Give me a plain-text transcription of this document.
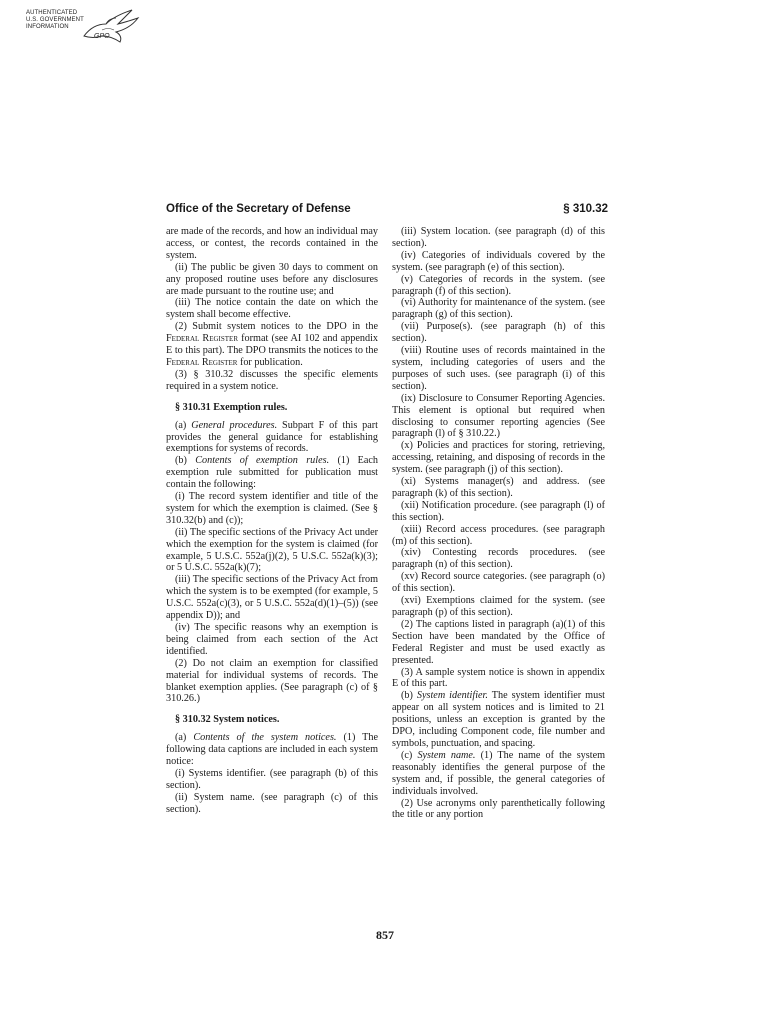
AUTHENTICATED
U.S. GOVERNMENT
INFORMATION
GPO
Office of the Secretary of Defense	§ 310.32

are made of the records, and how an individual may access, or contest, the records contained in the system.

(ii) The public be given 30 days to comment on any proposed routine uses before any disclosures are made pursuant to the routine use; and

(iii) The notice contain the date on which the system shall become effective.

(2) Submit system notices to the DPO in the Federal Register format (see AI 102 and appendix E to this part). The DPO transmits the notices to the Federal Register for publication.

(3) § 310.32 discusses the specific elements required in a system notice.

§ 310.31 Exemption rules.

(a) General procedures. Subpart F of this part provides the general guidance for establishing exemptions for systems of records.

(b) Contents of exemption rules. (1) Each exemption rule submitted for publication must contain the following:

(i) The record system identifier and title of the system for which the exemption is claimed. (See § 310.32(b) and (c));

(ii) The specific sections of the Privacy Act under which the exemption for the system is claimed (for example, 5 U.S.C. 552a(j)(2), 5 U.S.C. 552a(k)(3); or 5 U.S.C. 552a(k)(7);

(iii) The specific sections of the Privacy Act from which the system is to be exempted (for example, 5 U.S.C. 552a(c)(3), or 5 U.S.C. 552a(d)(1)–(5)) (see appendix D)); and

(iv) The specific reasons why an exemption is being claimed from each section of the Act identified.

(2) Do not claim an exemption for classified material for individual systems of records. The blanket exemption applies. (See paragraph (c) of § 310.26.)

§ 310.32 System notices.

(a) Contents of the system notices. (1) The following data captions are included in each system notice:

(i) Systems identifier. (see paragraph (b) of this section).

(ii) System name. (see paragraph (c) of this section).

(iii) System location. (see paragraph (d) of this section).

(iv) Categories of individuals covered by the system. (see paragraph (e) of this section).

(v) Categories of records in the system. (see paragraph (f) of this section).

(vi) Authority for maintenance of the system. (see paragraph (g) of this section).

(vii) Purpose(s). (see paragraph (h) of this section).

(viii) Routine uses of records maintained in the system, including categories of users and the purposes of such uses. (see paragraph (i) of this section).

(ix) Disclosure to Consumer Reporting Agencies. This element is optional but required when disclosing to consumer reporting agencies (See paragraph (l) of § 310.22.)

(x) Policies and practices for storing, retrieving, accessing, retaining, and disposing of records in the system. (see paragraph (j) of this section).

(xi) Systems manager(s) and address. (see paragraph (k) of this section).

(xii) Notification procedure. (see paragraph (l) of this section).

(xiii) Record access procedures. (see paragraph (m) of this section).

(xiv) Contesting records procedures. (see paragraph (n) of this section).

(xv) Record source categories. (see paragraph (o) of this section).

(xvi) Exemptions claimed for the system. (see paragraph (p) of this section).

(2) The captions listed in paragraph (a)(1) of this Section have been mandated by the Office of Federal Register and must be used exactly as presented.

(3) A sample system notice is shown in appendix E of this part.

(b) System identifier. The system identifier must appear on all system notices and is limited to 21 positions, unless an exception is granted by the DPO, including Component code, file number and symbols, punctuation, and spacing.

(c) System name. (1) The name of the system reasonably identifies the general purpose of the system and, if possible, the general categories of individuals involved.

(2) Use acronyms only parenthetically following the title or any portion

857
